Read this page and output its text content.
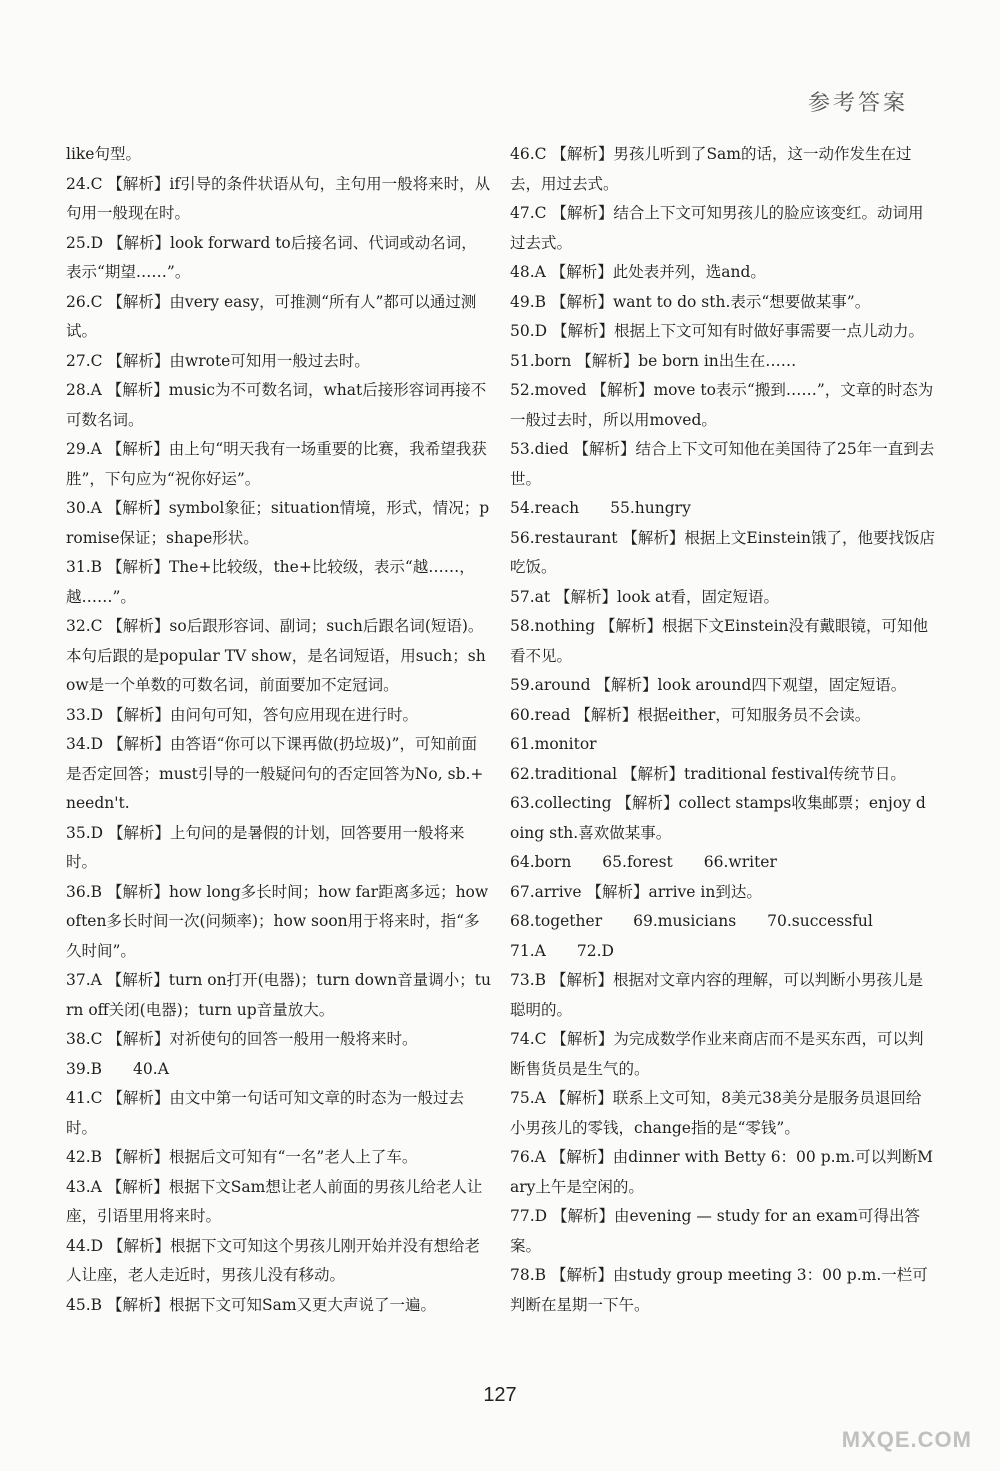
参考答案

like句型。

24.C 【解析】if引导的条件状语从句，主句用一般将来时，从句用一般现在时。

25.D 【解析】look forward to后接名词、代词或动名词，表示“期望……”。

26.C 【解析】由very easy，可推测“所有人”都可以通过测试。

27.C 【解析】由wrote可知用一般过去时。

28.A 【解析】music为不可数名词，what后接形容词再接不可数名词。

29.A 【解析】由上句“明天我有一场重要的比赛，我希望我获胜”，下句应为“祝你好运”。

30.A 【解析】symbol象征；situation情境，形式，情况；promise保证；shape形状。

31.B 【解析】The+比较级，the+比较级，表示“越……，越……”。

32.C 【解析】so后跟形容词、副词；such后跟名词(短语)。本句后跟的是popular TV show，是名词短语，用such；show是一个单数的可数名词，前面要加不定冠词。

33.D 【解析】由问句可知，答句应用现在进行时。

34.D 【解析】由答语“你可以下课再做(扔垃圾)”，可知前面是否定回答；must引导的一般疑问句的否定回答为No, sb.+needn't.

35.D 【解析】上句问的是暑假的计划，回答要用一般将来时。

36.B 【解析】how long多长时间；how far距离多远；how often多长时间一次(问频率)；how soon用于将来时，指“多久时间”。

37.A 【解析】turn on打开(电器)；turn down音量调小；turn off关闭(电器)；turn up音量放大。

38.C 【解析】对祈使句的回答一般用一般将来时。

39.B　　40.A

41.C 【解析】由文中第一句话可知文章的时态为一般过去时。

42.B 【解析】根据后文可知有“一名”老人上了车。

43.A 【解析】根据下文Sam想让老人前面的男孩儿给老人让座，引语里用将来时。

44.D 【解析】根据下文可知这个男孩儿刚开始并没有想给老人让座，老人走近时，男孩儿没有移动。

45.B 【解析】根据下文可知Sam又更大声说了一遍。

46.C 【解析】男孩儿听到了Sam的话，这一动作发生在过去，用过去式。

47.C 【解析】结合上下文可知男孩儿的脸应该变红。动词用过去式。

48.A 【解析】此处表并列，选and。

49.B 【解析】want to do sth.表示“想要做某事”。

50.D 【解析】根据上下文可知有时做好事需要一点儿动力。

51.born 【解析】be born in出生在……

52.moved 【解析】move to表示“搬到……”，文章的时态为一般过去时，所以用moved。

53.died 【解析】结合上下文可知他在美国待了25年一直到去世。

54.reach　　55.hungry

56.restaurant 【解析】根据上文Einstein饿了，他要找饭店吃饭。

57.at 【解析】look at看，固定短语。

58.nothing 【解析】根据下文Einstein没有戴眼镜，可知他看不见。

59.around 【解析】look around四下观望，固定短语。

60.read 【解析】根据either，可知服务员不会读。

61.monitor

62.traditional 【解析】traditional festival传统节日。

63.collecting 【解析】collect stamps收集邮票；enjoy doing sth.喜欢做某事。

64.born　　65.forest　　66.writer

67.arrive 【解析】arrive in到达。

68.together　　69.musicians　　70.successful

71.A　　72.D

73.B 【解析】根据对文章内容的理解，可以判断小男孩儿是聪明的。

74.C 【解析】为完成数学作业来商店而不是买东西，可以判断售货员是生气的。

75.A 【解析】联系上文可知，8美元38美分是服务员退回给小男孩儿的零钱，change指的是“零钱”。

76.A 【解析】由dinner with Betty 6：00 p.m.可以判断Mary上午是空闲的。

77.D 【解析】由evening — study for an exam可得出答案。

78.B 【解析】由study group meeting 3：00 p.m.一栏可判断在星期一下午。

127
MXQE.COM
